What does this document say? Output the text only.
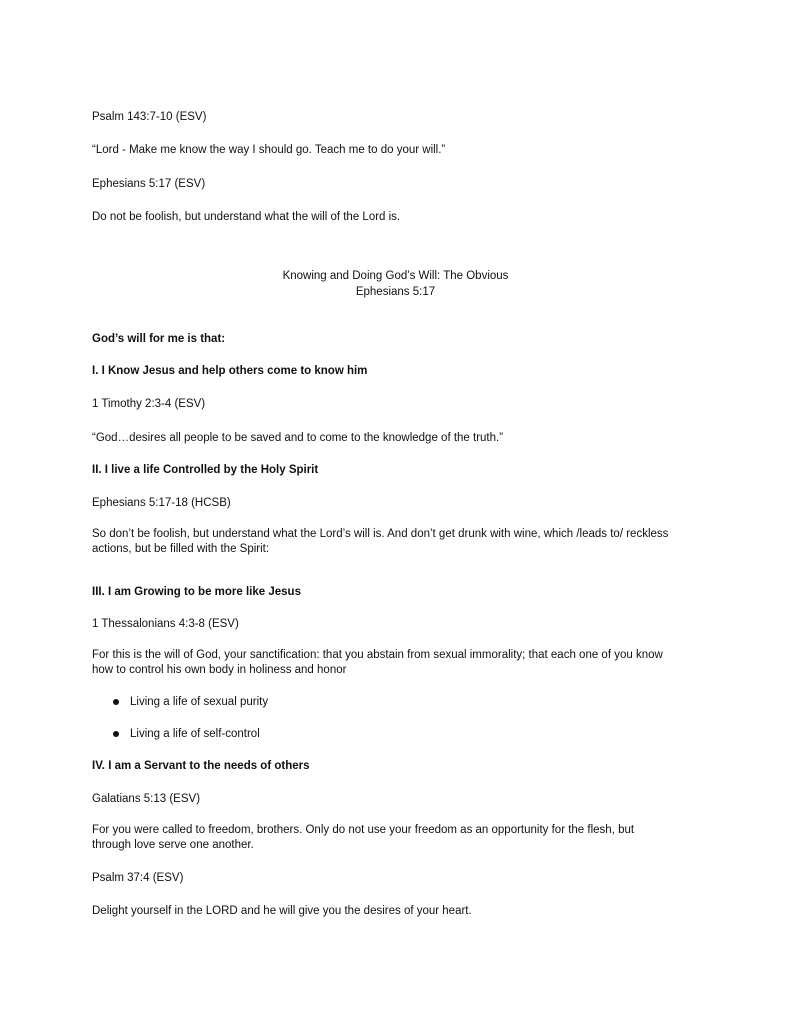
Psalm 143:7-10 (ESV)
“Lord - Make me know the way I should go. Teach me to do your will.”
Ephesians 5:17 (ESV)
Do not be foolish, but understand what the will of the Lord is.
Knowing and Doing God’s Will: The Obvious
Ephesians 5:17
God’s will for me is that:
I. I Know Jesus and help others come to know him
1 Timothy 2:3-4 (ESV)
“God…desires all people to be saved and to come to the knowledge of the truth.”
II. I live a life Controlled by the Holy Spirit
Ephesians 5:17-18 (HCSB)
So don’t be foolish, but understand what the Lord’s will is. And don’t get drunk with wine, which /leads to/ reckless
actions, but be filled with the Spirit:
III. I am Growing to be more like Jesus
1 Thessalonians 4:3-8 (ESV)
For this is the will of God, your sanctification: that you abstain from sexual immorality; that each one of you know
how to control his own body in holiness and honor
Living a life of sexual purity
Living a life of self-control
IV. I am a Servant to the needs of others
Galatians 5:13 (ESV)
For you were called to freedom, brothers. Only do not use your freedom as an opportunity for the flesh, but
through love serve one another.
Psalm 37:4 (ESV)
Delight yourself in the LORD and he will give you the desires of your heart.
